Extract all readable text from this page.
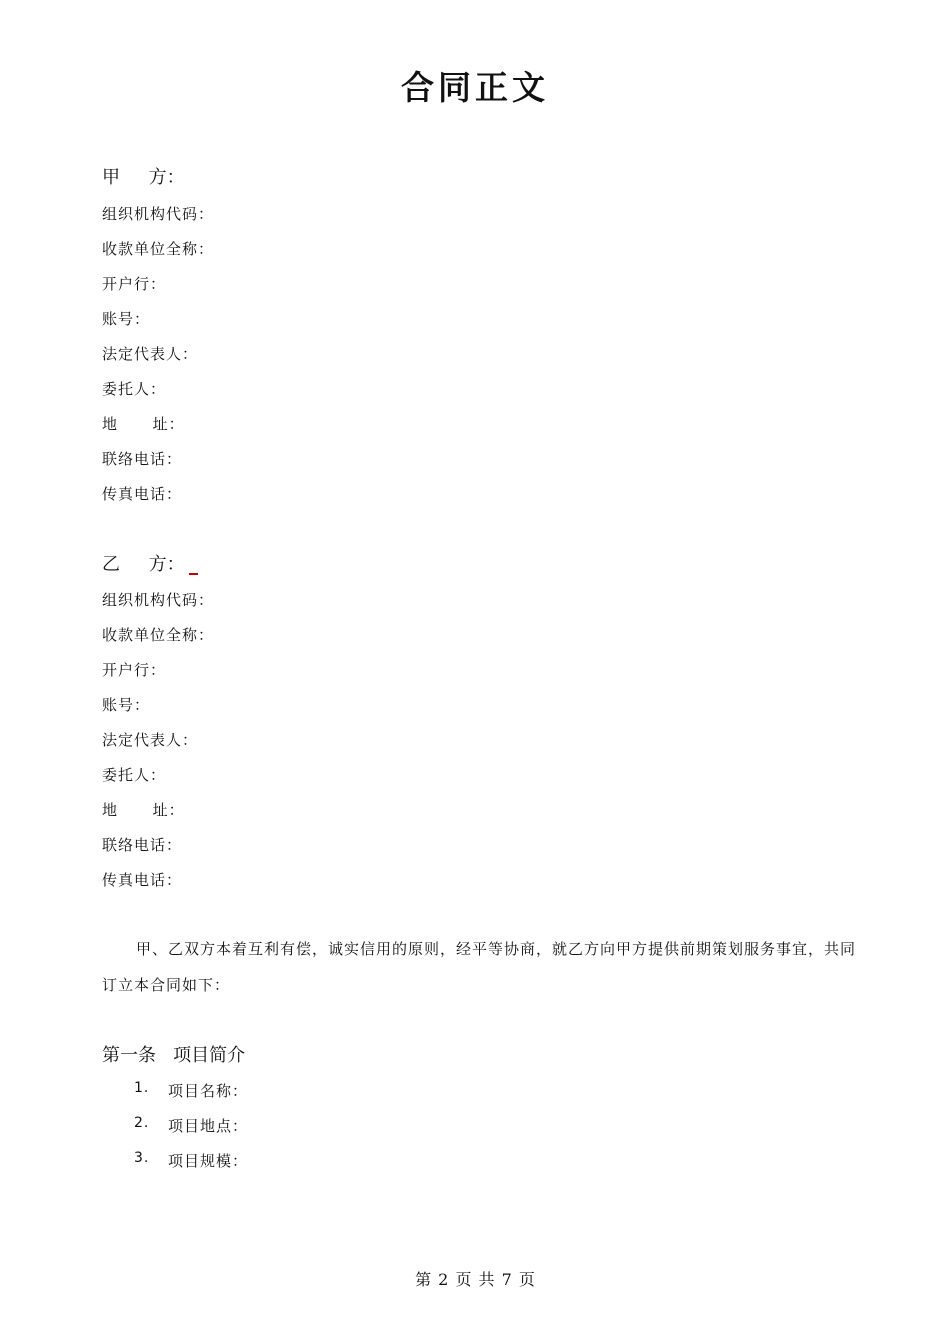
合同正文
甲     方：
组织机构代码：
收款单位全称：
开户行：
账号：
法定代表人：
委托人：
地      址：
联络电话：
传真电话：
乙     方：
组织机构代码：
收款单位全称：
开户行：
账号：
法定代表人：
委托人：
地      址：
联络电话：
传真电话：
甲、乙双方本着互利有偿，诚实信用的原则，经平等协商，就乙方向甲方提供前期策划服务事宜，共同订立本合同如下：
第一条   项目简介
1. 项目名称：
2. 项目地点：
3. 项目规模：
第 2 页 共 7 页
